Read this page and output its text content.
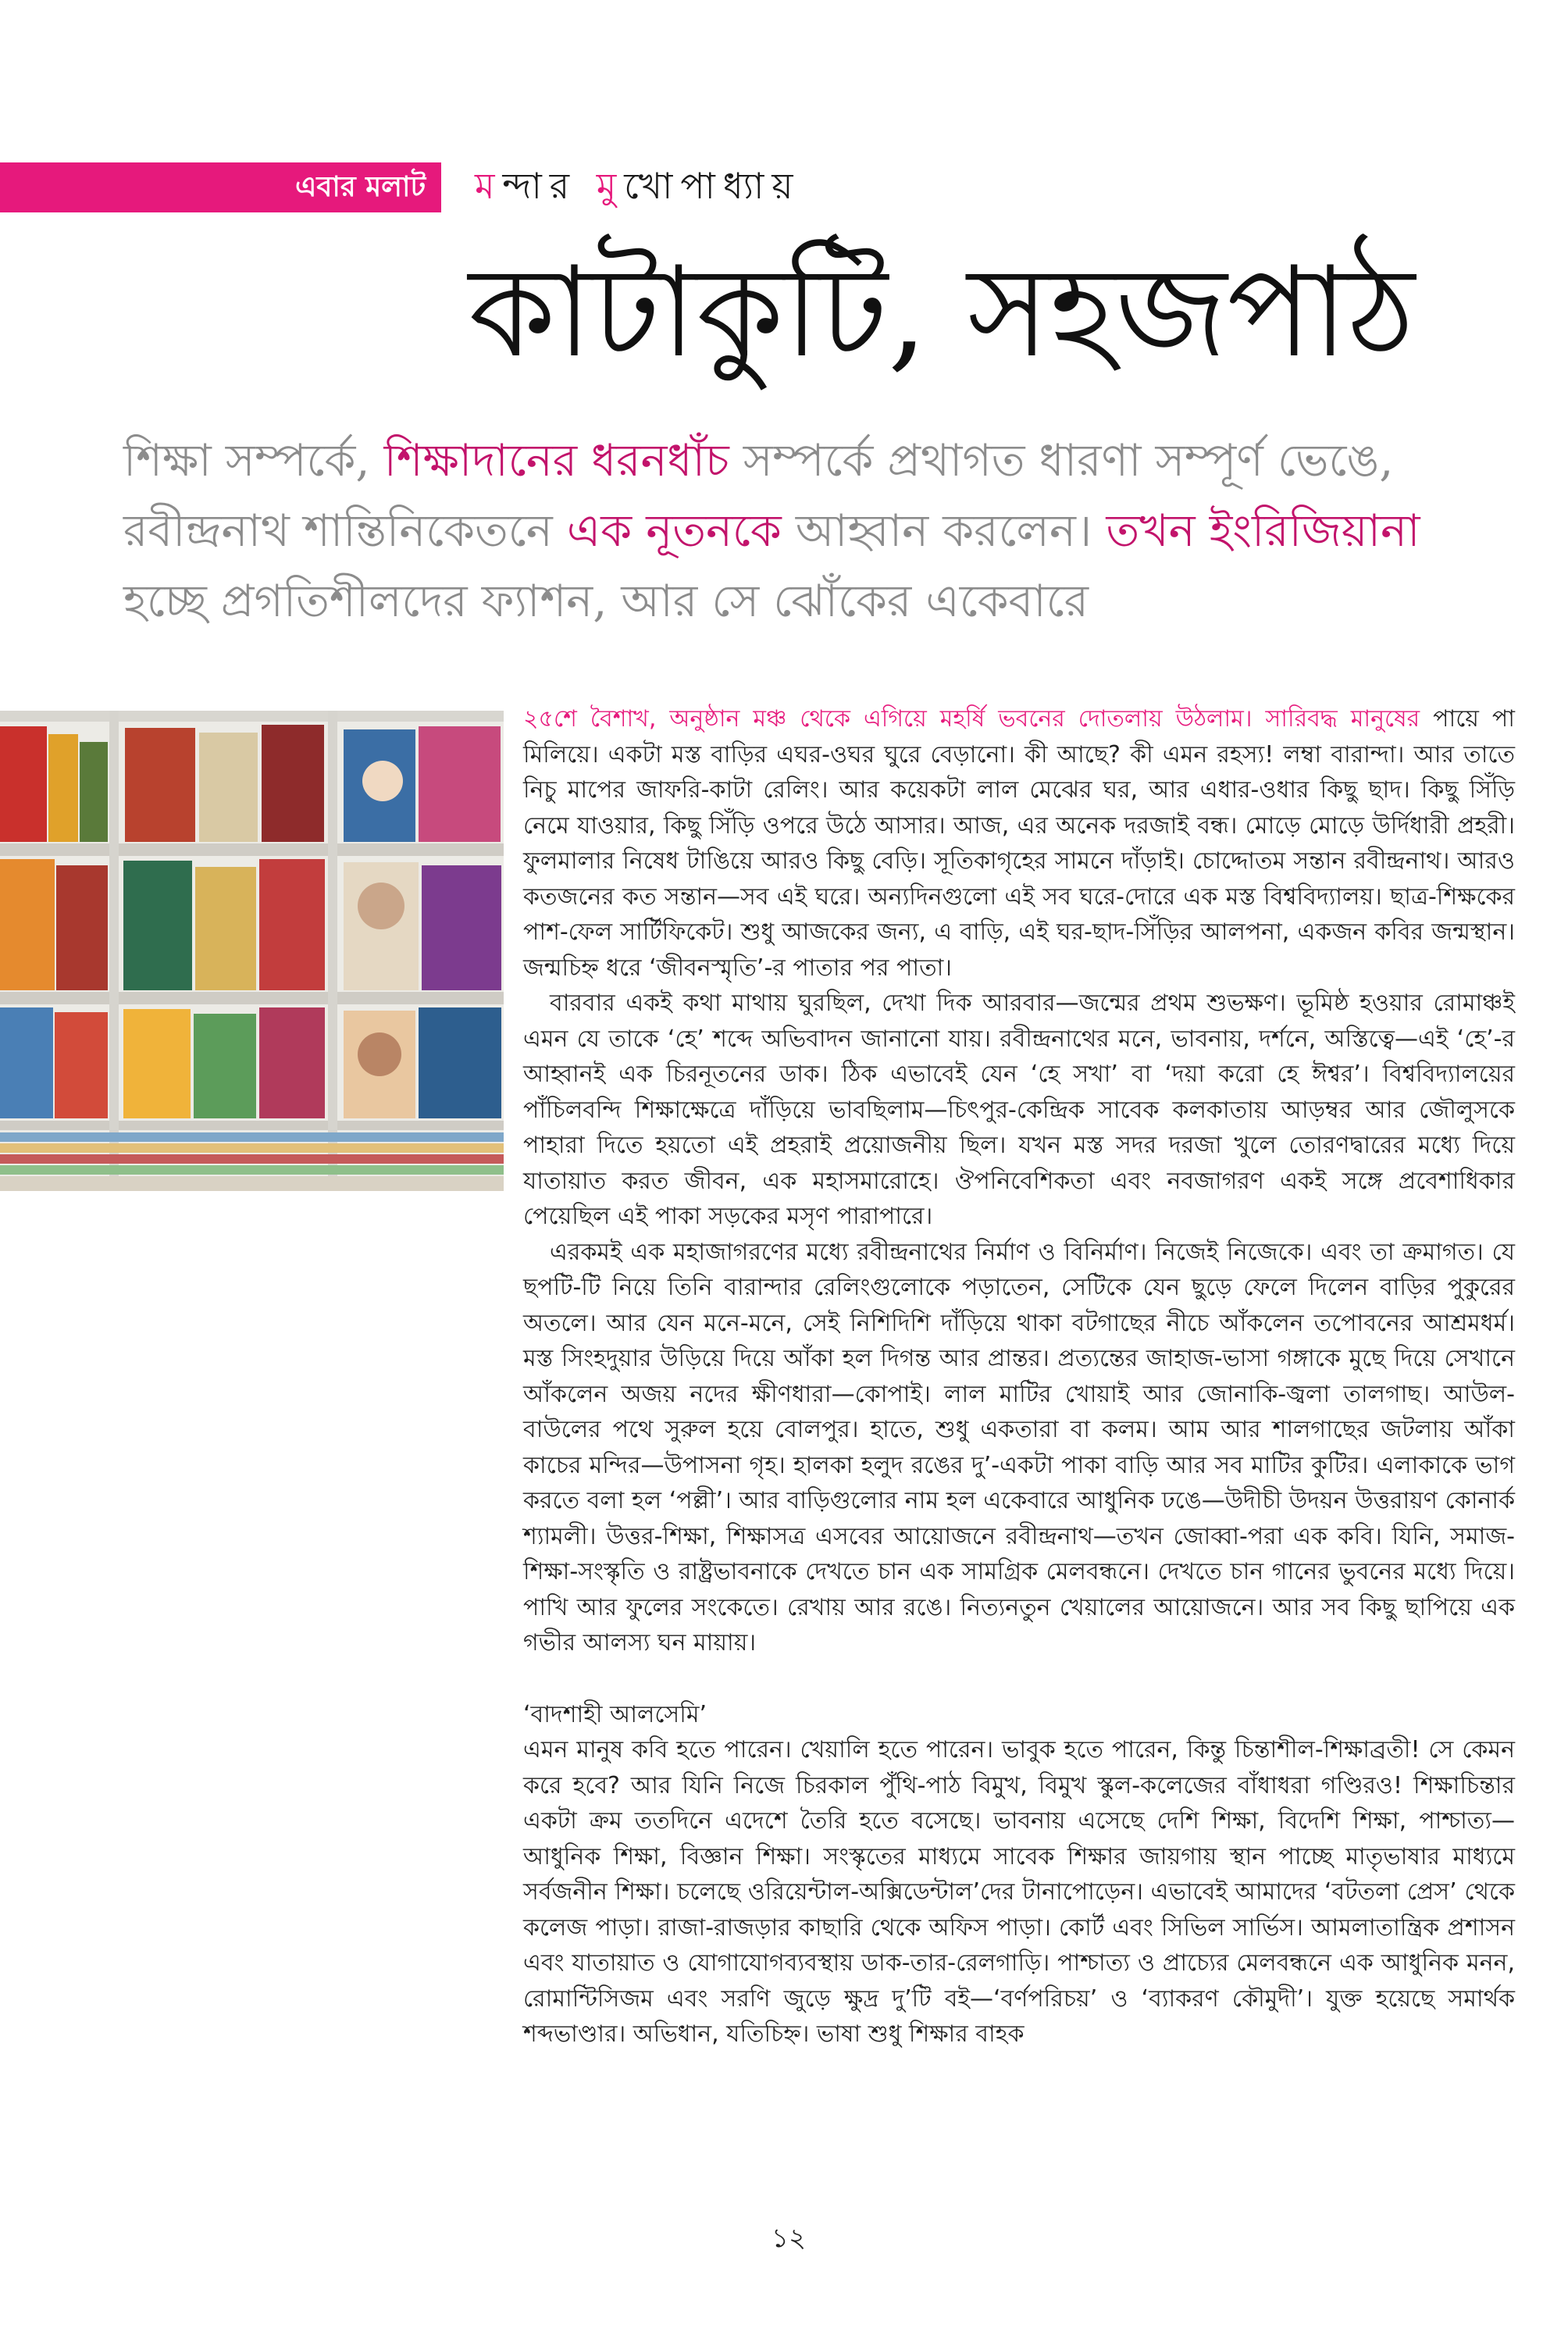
এবার মলাট মন্দার মুখোপাধ্যায়
কাটাকুটি, সহজপাঠ
শিক্ষা সম্পর্কে, শিক্ষাদানের ধরনধাঁচ সম্পর্কে প্রথাগত ধারণা সম্পূর্ণ ভেঙে, রবীন্দ্রনাথ শান্তিনিকেতনে এক নূতনকে আহ্বান করলেন। তখন ইংরিজিয়ানা হচ্ছে প্রগতিশীলদের ফ্যাশন, আর সে ঝোঁকের একেবারে

২৫শে বৈশাখ, অনুষ্ঠান মঞ্চ থেকে এগিয়ে মহর্ষি ভবনের দোতলায় উঠলাম। সারিবদ্ধ মানুষের পায়ে পা মিলিয়ে। একটা মস্ত বাড়ির এঘর-ওঘর ঘুরে বেড়ানো। কী আছে? কী এমন রহস্য! লম্বা বারান্দা। আর তাতে নিচু মাপের জাফরি-কাটা রেলিং। আর কয়েকটা লাল মেঝের ঘর, আর এধার-ওধার কিছু ছাদ। কিছু সিঁড়ি নেমে যাওয়ার, কিছু সিঁড়ি ওপরে উঠে আসার। আজ, এর অনেক দরজাই বন্ধ। মোড়ে মোড়ে উর্দিধারী প্রহরী। ফুলমালার নিষেধ টাঙিয়ে আরও কিছু বেড়ি। সূতিকাগৃহের সামনে দাঁড়াই। চোদ্দোতম সন্তান রবীন্দ্রনাথ। আরও কতজনের কত সন্তান—সব এই ঘরে। অন্যদিনগুলো এই সব ঘরে-দোরে এক মস্ত বিশ্ববিদ্যালয়। ছাত্র-শিক্ষকের পাশ-ফেল সার্টিফিকেট। শুধু আজকের জন্য, এ বাড়ি, এই ঘর-ছাদ-সিঁড়ির আলপনা, একজন কবির জন্মস্থান। জন্মচিহ্ন ধরে ‘জীবনস্মৃতি’-র পাতার পর পাতা।

বারবার একই কথা মাথায় ঘুরছিল, দেখা দিক আরবার—জন্মের প্রথম শুভক্ষণ। ভূমিষ্ঠ হওয়ার রোমাঞ্চই এমন যে তাকে ‘হে’ শব্দে অভিবাদন জানানো যায়। রবীন্দ্রনাথের মনে, ভাবনায়, দর্শনে, অস্তিত্বে—এই ‘হে’-র আহ্বানই এক চিরনূতনের ডাক। ঠিক এভাবেই যেন ‘হে সখা’ বা ‘দয়া করো হে ঈশ্বর’। বিশ্ববিদ্যালয়ের পাঁচিলবন্দি শিক্ষাক্ষেত্রে দাঁড়িয়ে ভাবছিলাম—চিৎপুর-কেন্দ্রিক সাবেক কলকাতায় আড়ম্বর আর জৌলুসকে পাহারা দিতে হয়তো এই প্রহরাই প্রয়োজনীয় ছিল। যখন মস্ত সদর দরজা খুলে তোরণদ্বারের মধ্যে দিয়ে যাতায়াত করত জীবন, এক মহাসমারোহে। ঔপনিবেশিকতা এবং নবজাগরণ একই সঙ্গে প্রবেশাধিকার পেয়েছিল এই পাকা সড়কের মসৃণ পারাপারে।

এরকমই এক মহাজাগরণের মধ্যে রবীন্দ্রনাথের নির্মাণ ও বিনির্মাণ। নিজেই নিজেকে। এবং তা ক্রমাগত। যে ছপটি-টি নিয়ে তিনি বারান্দার রেলিংগুলোকে পড়াতেন, সেটিকে যেন ছুড়ে ফেলে দিলেন বাড়ির পুকুরের অতলে। আর যেন মনে-মনে, সেই নিশিদিশি দাঁড়িয়ে থাকা বটগাছের নীচে আঁকলেন তপোবনের আশ্রমধর্ম। মস্ত সিংহদুয়ার উড়িয়ে দিয়ে আঁকা হল দিগন্ত আর প্রান্তর। প্রত্যন্তের জাহাজ-ভাসা গঙ্গাকে মুছে দিয়ে সেখানে আঁকলেন অজয় নদের ক্ষীণধারা—কোপাই। লাল মাটির খোয়াই আর জোনাকি-জ্বলা তালগাছ। আউল-বাউলের পথে সুরুল হয়ে বোলপুর। হাতে, শুধু একতারা বা কলম। আম আর শালগাছের জটলায় আঁকা কাচের মন্দির—উপাসনা গৃহ। হালকা হলুদ রঙের দু’-একটা পাকা বাড়ি আর সব মাটির কুটির। এলাকাকে ভাগ করতে বলা হল ‘পল্লী’। আর বাড়িগুলোর নাম হল একেবারে আধুনিক ঢঙে—উদীচী উদয়ন উত্তরায়ণ কোনার্ক শ্যামলী। উত্তর-শিক্ষা, শিক্ষাসত্র এসবের আয়োজনে রবীন্দ্রনাথ—তখন জোব্বা-পরা এক কবি। যিনি, সমাজ-শিক্ষা-সংস্কৃতি ও রাষ্ট্রভাবনাকে দেখতে চান এক সামগ্রিক মেলবন্ধনে। দেখতে চান গানের ভুবনের মধ্যে দিয়ে। পাখি আর ফুলের সংকেতে। রেখায় আর রঙে। নিত্যনতুন খেয়ালের আয়োজনে। আর সব কিছু ছাপিয়ে এক গভীর আলস্য ঘন মায়ায়।

‘বাদশাহী আলসেমি’

এমন মানুষ কবি হতে পারেন। খেয়ালি হতে পারেন। ভাবুক হতে পারেন, কিন্তু চিন্তাশীল-শিক্ষাব্রতী! সে কেমন করে হবে? আর যিনি নিজে চিরকাল পুঁথি-পাঠ বিমুখ, বিমুখ স্কুল-কলেজের বাঁধাধরা গণ্ডিরও! শিক্ষাচিন্তার একটা ক্রম ততদিনে এদেশে তৈরি হতে বসেছে। ভাবনায় এসেছে দেশি শিক্ষা, বিদেশি শিক্ষা, পাশ্চাত্য—আধুনিক শিক্ষা, বিজ্ঞান শিক্ষা। সংস্কৃতের মাধ্যমে সাবেক শিক্ষার জায়গায় স্থান পাচ্ছে মাতৃভাষার মাধ্যমে সর্বজনীন শিক্ষা। চলেছে ওরিয়েন্টাল-অক্সিডেন্টাল’দের টানাপোড়েন। এভাবেই আমাদের ‘বটতলা প্রেস’ থেকে কলেজ পাড়া। রাজা-রাজড়ার কাছারি থেকে অফিস পাড়া। কোর্ট এবং সিভিল সার্ভিস। আমলাতান্ত্রিক প্রশাসন এবং যাতায়াত ও যোগাযোগব্যবস্থায় ডাক-তার-রেলগাড়ি। পাশ্চাত্য ও প্রাচ্যের মেলবন্ধনে এক আধুনিক মনন, রোমান্টিসিজম এবং সরণি জুড়ে ক্ষুদ্র দু’টি বই—‘বর্ণপরিচয়’ ও ‘ব্যাকরণ কৌমুদী’। যুক্ত হয়েছে সমার্থক শব্দভাণ্ডার। অভিধান, যতিচিহ্ন। ভাষা শুধু শিক্ষার বাহক

১২
